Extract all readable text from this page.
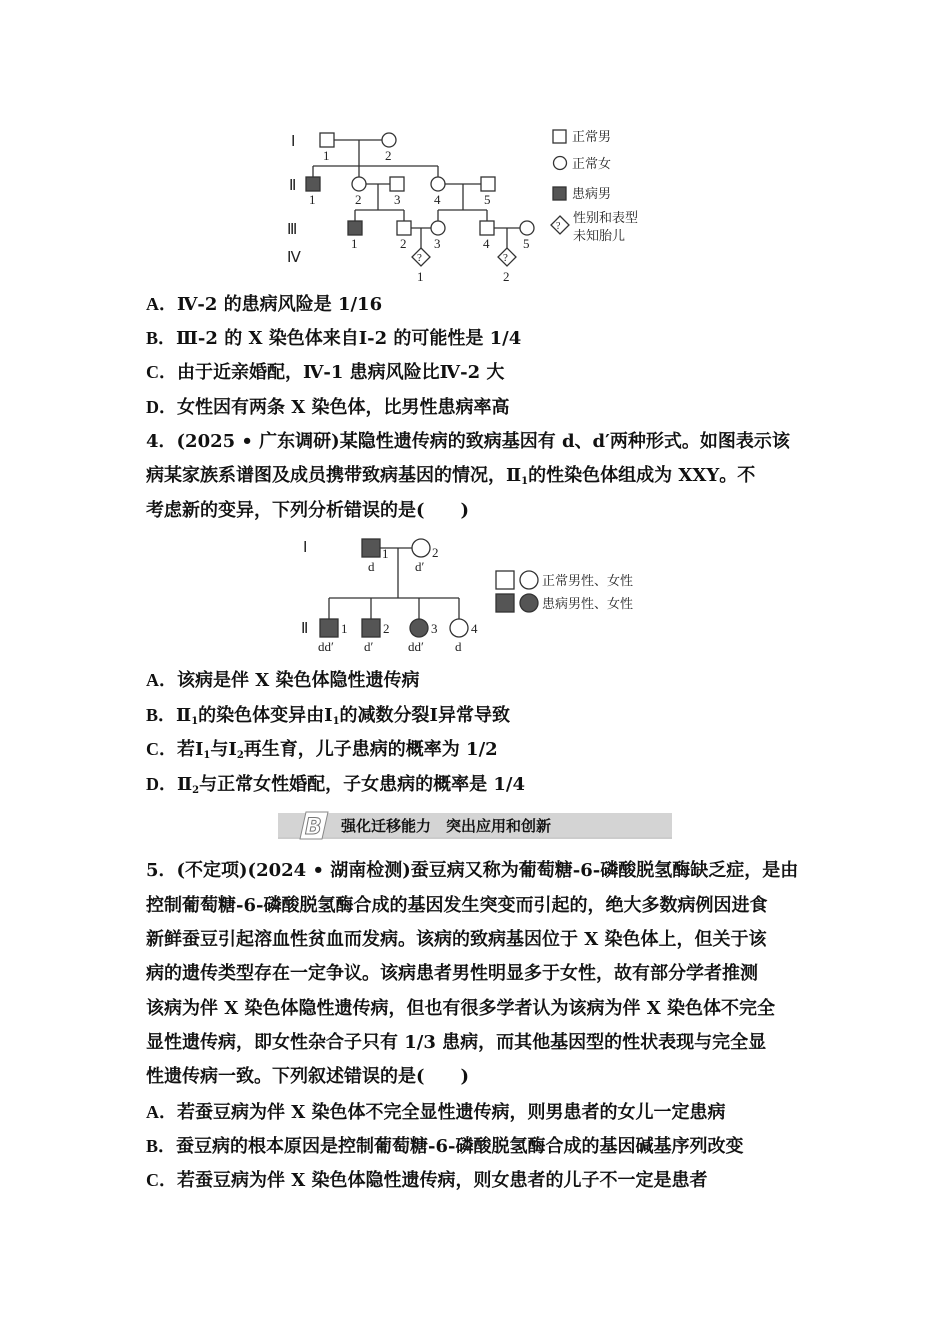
Ⅰ
Ⅱ
Ⅲ
Ⅳ
1	2
1	2	3	4	5
1	2 3	4	5
?	?
1	2
正常男
正常女
患病男
?
性别和表型
未知胎儿
A．Ⅳ-2 的患病风险是 1/16
B．Ⅲ-2 的 X 染色体来自Ⅰ-2 的可能性是 1/4
C．由于近亲婚配，Ⅳ-1 患病风险比Ⅳ-2 大
D．女性因有两条 X 染色体，比男性患病率高
4．(2025 • 广东调研)某隐性遗传病的致病基因有 d、d′两种形式。如图表示该
病某家族系谱图及成员携带致病基因的情况，$Ⅱ_1$的性染色体组成为 XXY。不
考虑新的变异，下列分析错误的是(　　)
Ⅰ
Ⅱ
1	2
d	d′
1	2	3	4
dd′ d′	dd′ d
正常男性、女性
患病男性、女性
A．该病是伴 X 染色体隐性遗传病
B．$Ⅱ_1$的染色体变异由$Ⅰ_1$的减数分裂Ⅰ异常导致
C．若$Ⅰ_1$与$Ⅰ_2$再生育，儿子患病的概率为 1/2
D．$Ⅱ_2$与正常女性婚配，子女患病的概率是 1/4
B 强化迁移能力　突出应用和创新
5．(不定项)(2024 • 湖南检测)蚕豆病又称为葡萄糖-6-磷酸脱氢酶缺乏症，是由
控制葡萄糖-6-磷酸脱氢酶合成的基因发生突变而引起的，绝大多数病例因进食
新鲜蚕豆引起溶血性贫血而发病。该病的致病基因位于 X 染色体上，但关于该
病的遗传类型存在一定争议。该病患者男性明显多于女性，故有部分学者推测
该病为伴 X 染色体隐性遗传病，但也有很多学者认为该病为伴 X 染色体不完全
显性遗传病，即女性杂合子只有 1/3 患病，而其他基因型的性状表现与完全显
性遗传病一致。下列叙述错误的是(　　)
A．若蚕豆病为伴 X 染色体不完全显性遗传病，则男患者的女儿一定患病
B．蚕豆病的根本原因是控制葡萄糖-6-磷酸脱氢酶合成的基因碱基序列改变
C．若蚕豆病为伴 X 染色体隐性遗传病，则女患者的儿子不一定是患者
